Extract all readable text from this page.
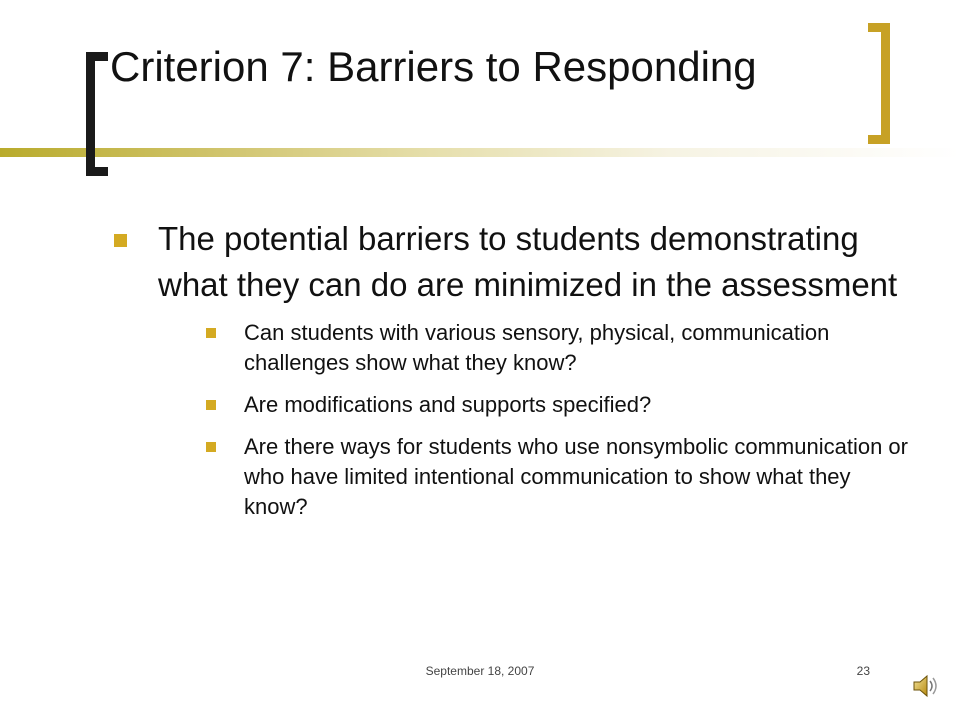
Criterion 7: Barriers to Responding

The potential barriers to students demonstrating what they can do are minimized in the assessment

Can students with various sensory, physical, communication challenges show what they know?
Are modifications and supports specified?
Are there ways for students who use nonsymbolic communication or who have limited intentional communication to show what they know?
September 18, 2007	23
